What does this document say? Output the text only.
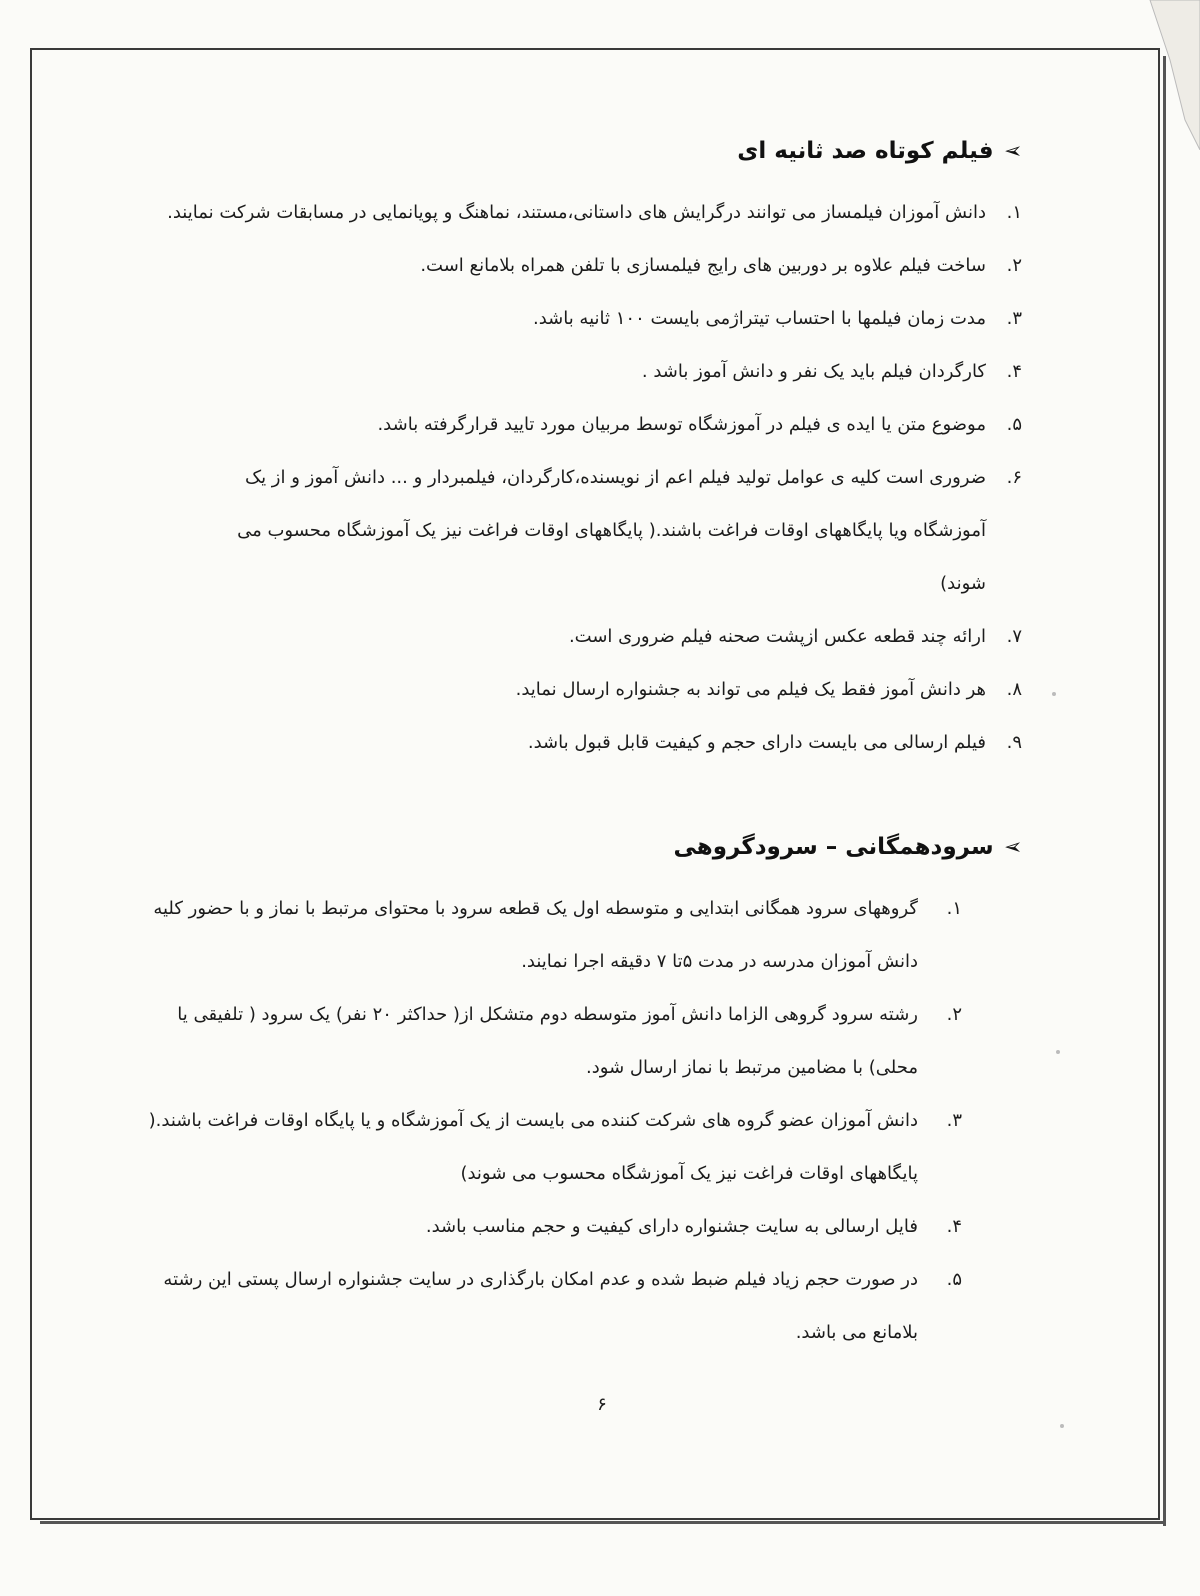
➢
فیلم کوتاه صد ثانیه ای
۱.
دانش آموزان فیلمساز می توانند درگرایش های داستانی،مستند، نماهنگ و پویانمایی در مسابقات شرکت نمایند.
۲.
ساخت فیلم علاوه بر دوربین های رایج فیلمسازی با تلفن همراه بلامانع است.
۳.
مدت زمان فیلمها با احتساب تیتراژمی بایست ۱۰۰ ثانیه باشد.
۴.
کارگردان فیلم باید یک نفر و دانش آموز باشد .
۵.
موضوع متن یا ایده ی فیلم در آموزشگاه توسط مربیان مورد تایید قرارگرفته باشد.
۶.
ضروری است کلیه ی عوامل تولید فیلم اعم از نویسنده،کارگردان، فیلمبردار و ... دانش آموز و از یک آموزشگاه ویا پایگاههای اوقات فراغت باشند.( پایگاههای اوقات فراغت نیز یک آموزشگاه محسوب می شوند)
۷.
ارائه چند قطعه عکس ازپشت صحنه فیلم ضروری است.
۸.
هر دانش آموز فقط یک فیلم می تواند به جشنواره ارسال نماید.
۹.
فیلم ارسالی می بایست دارای حجم و کیفیت قابل قبول باشد.
➢
سرودهمگانی – سرودگروهی
۱.
گروههای سرود همگانی ابتدایی و متوسطه اول یک قطعه سرود با محتوای مرتبط با نماز و با حضور کلیه دانش آموزان مدرسه در مدت ۵تا ۷ دقیقه اجرا نمایند.
۲.
رشته سرود گروهی الزاما دانش آموز متوسطه دوم متشکل از( حداکثر ۲۰ نفر) یک سرود ( تلفیقی یا محلی) با مضامین مرتبط با نماز ارسال شود.
۳.
دانش آموزان عضو گروه های شرکت کننده می بایست از یک آموزشگاه و یا پایگاه اوقات فراغت باشند.( پایگاههای اوقات فراغت نیز یک آموزشگاه محسوب می شوند)
۴.
فایل ارسالی به سایت جشنواره دارای کیفیت و حجم مناسب باشد.
۵.
در صورت حجم زیاد فیلم ضبط شده و عدم امکان بارگذاری در سایت جشنواره ارسال پستی این رشته بلامانع می باشد.
۶
